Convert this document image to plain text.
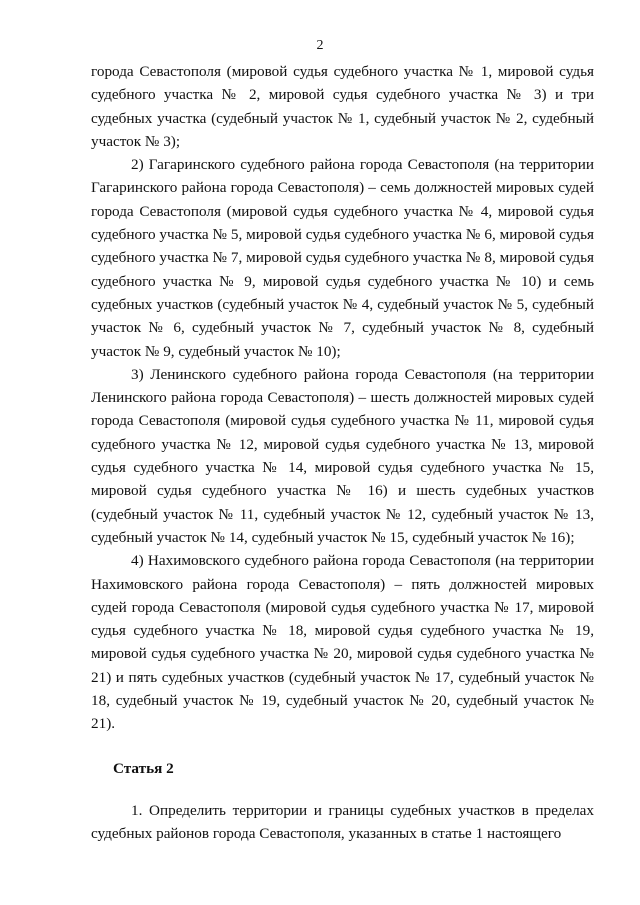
2

города Севастополя (мировой судья судебного участка № 1, мировой судья судебного участка № 2, мировой судья судебного участка № 3) и три судебных участка (судебный участок № 1, судебный участок № 2, судебный участок № 3);

2) Гагаринского судебного района города Севастополя (на территории Гагаринского района города Севастополя) – семь должностей мировых судей города Севастополя (мировой судья судебного участка № 4, мировой судья судебного участка № 5, мировой судья судебного участка № 6, мировой судья судебного участка № 7, мировой судья судебного участка № 8, мировой судья судебного участка № 9, мировой судья судебного участка № 10) и семь судебных участков (судебный участок № 4, судебный участок № 5, судебный участок № 6, судебный участок № 7, судебный участок № 8, судебный участок № 9, судебный участок № 10);

3) Ленинского судебного района города Севастополя (на территории Ленинского района города Севастополя) – шесть должностей мировых судей города Севастополя (мировой судья судебного участка № 11, мировой судья судебного участка № 12, мировой судья судебного участка № 13, мировой судья судебного участка № 14, мировой судья судебного участка № 15, мировой судья судебного участка № 16) и шесть судебных участков (судебный участок № 11, судебный участок № 12, судебный участок № 13, судебный участок № 14, судебный участок № 15, судебный участок № 16);

4) Нахимовского судебного района города Севастополя (на территории Нахимовского района города Севастополя) – пять должностей мировых судей города Севастополя (мировой судья судебного участка № 17, мировой судья судебного участка № 18, мировой судья судебного участка № 19, мировой судья судебного участка № 20, мировой судья судебного участка № 21) и пять судебных участков (судебный участок № 17, судебный участок № 18, судебный участок № 19, судебный участок № 20, судебный участок № 21).

Статья 2

1. Определить территории и границы судебных участков в пределах судебных районов города Севастополя, указанных в статье 1 настоящего
